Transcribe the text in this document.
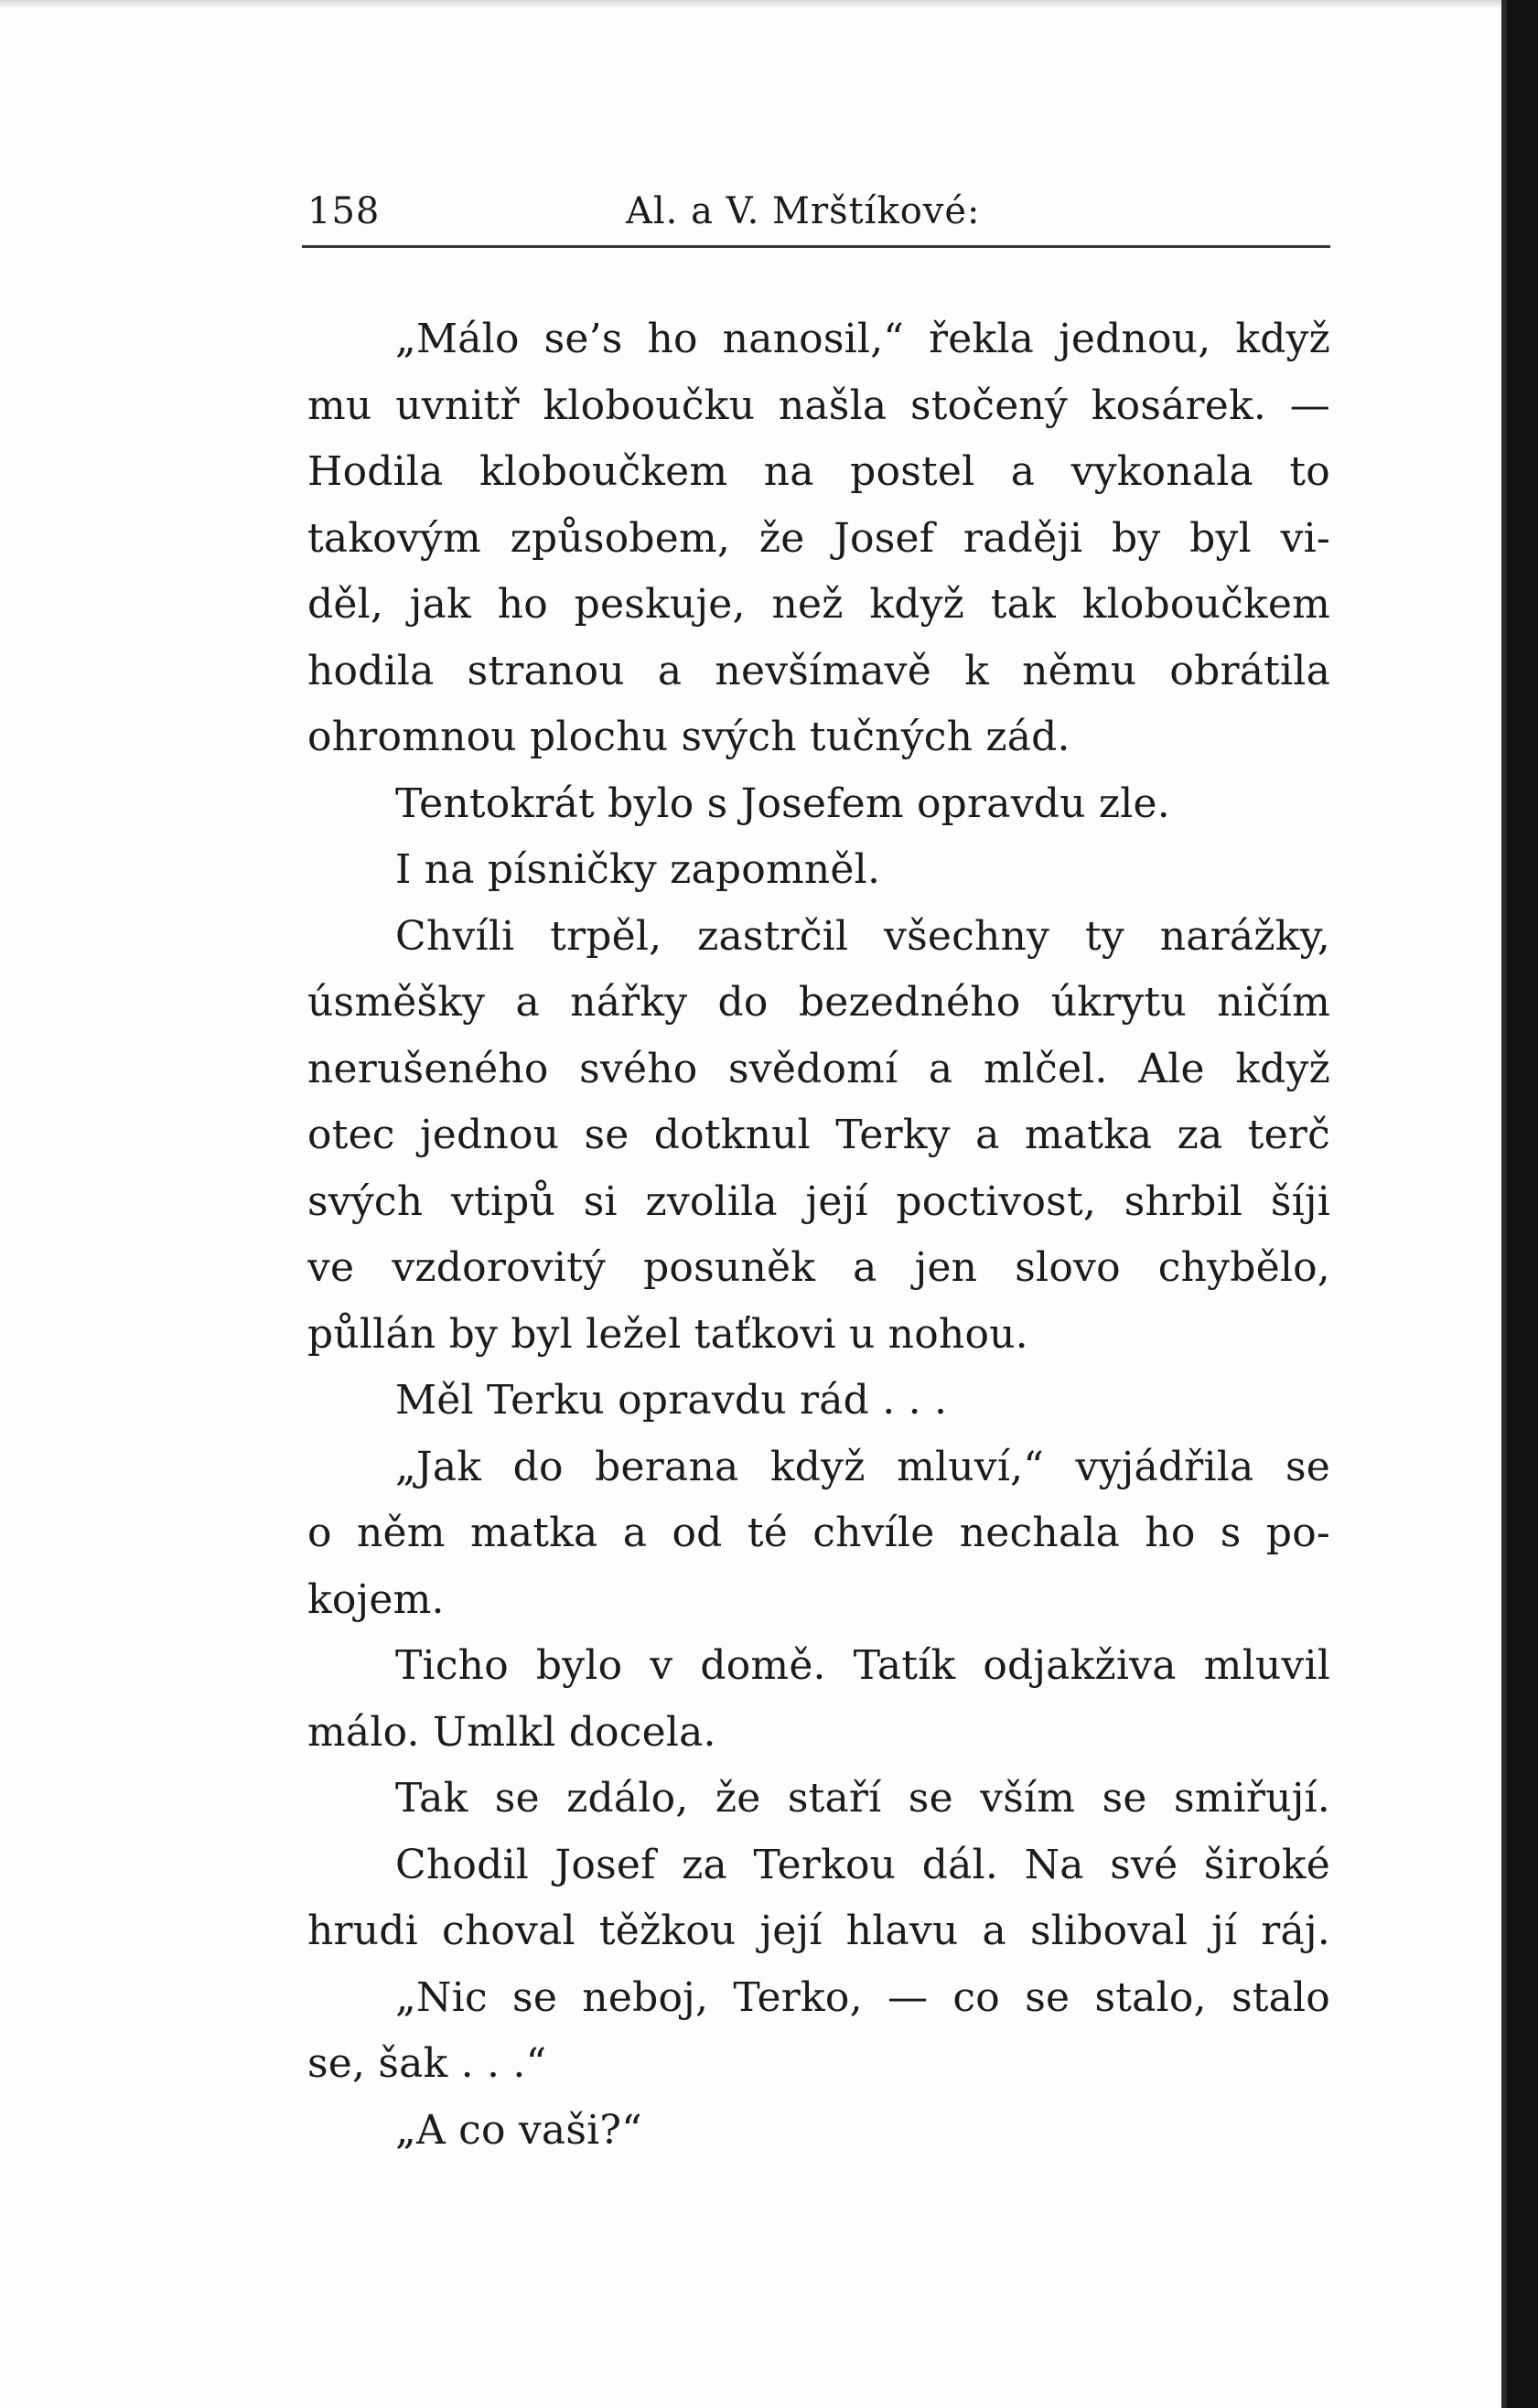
158	Al. a V. Mrštíkové:
„Málo se’s ho nanosil,“ řekla jednou, když
mu uvnitř kloboučku našla stočený kosárek. —
Hodila kloboučkem na postel a vykonala to
takovým způsobem, že Josef raději by byl vi-
děl, jak ho peskuje, než když tak kloboučkem
hodila stranou a nevšímavě k němu obrátila
ohromnou plochu svých tučných zád.
Tentokrát bylo s Josefem opravdu zle.
I na písničky zapomněl.
Chvíli trpěl, zastrčil všechny ty narážky,
úsměšky a nářky do bezedného úkrytu ničím
nerušeného svého svědomí a mlčel. Ale když
otec jednou se dotknul Terky a matka za terč
svých vtipů si zvolila její poctivost, shrbil šíji
ve vzdorovitý posuněk a jen slovo chybělo,
půllán by byl ležel taťkovi u nohou.
Měl Terku opravdu rád . . .
„Jak do berana když mluví,“ vyjádřila se
o něm matka a od té chvíle nechala ho s po-
kojem.
Ticho bylo v domě. Tatík odjakživa mluvil
málo. Umlkl docela.
Tak se zdálo, že staří se vším se smiřují.
Chodil Josef za Terkou dál. Na své široké
hrudi choval těžkou její hlavu a sliboval jí ráj.
„Nic se neboj, Terko, — co se stalo, stalo
se, šak . . .“
„A co vaši?“
